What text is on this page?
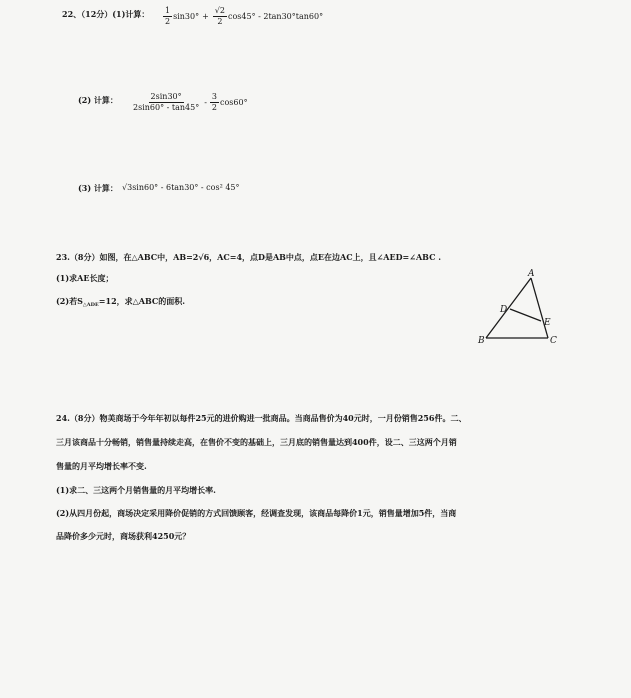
22、（12分）(1)计算： $\frac{1}{2} \sin 30^\circ + \frac{√2}{2} \cos 45^\circ - 2\tan 30^\circ\tan 60^\circ$
(2) 计算： $\frac{2\sin 30^\circ}{2\sin 60^\circ - \tan 45^\circ} - \frac{3}{2} \cos 60^\circ$
(3) 计算： √3sin60° - 6tan30° - cos² 45°
23.（8分）如图，在△ABC中，AB=2√6，AC=4，点D是AB中点，点E在边AC上，且∠AED=∠ABC .
(1)求AE长度；
(2)若$S_{\triangle ADE}=12$，求△ABC的面积.
A
B	C
D
E
24.（8分）物美商场于今年年初以每件25元的进价购进一批商品。当商品售价为40元时，一月份销售256件。二、
三月该商品十分畅销，销售量持续走高，在售价不变的基础上，三月底的销售量达到400件，设二、三这两个月销
售量的月平均增长率不变.
(1)求二、三这两个月销售量的月平均增长率.
(2)从四月份起，商场决定采用降价促销的方式回馈顾客，经调查发现，该商品每降价1元，销售量增加5件，当商
品降价多少元时，商场获利4250元？
